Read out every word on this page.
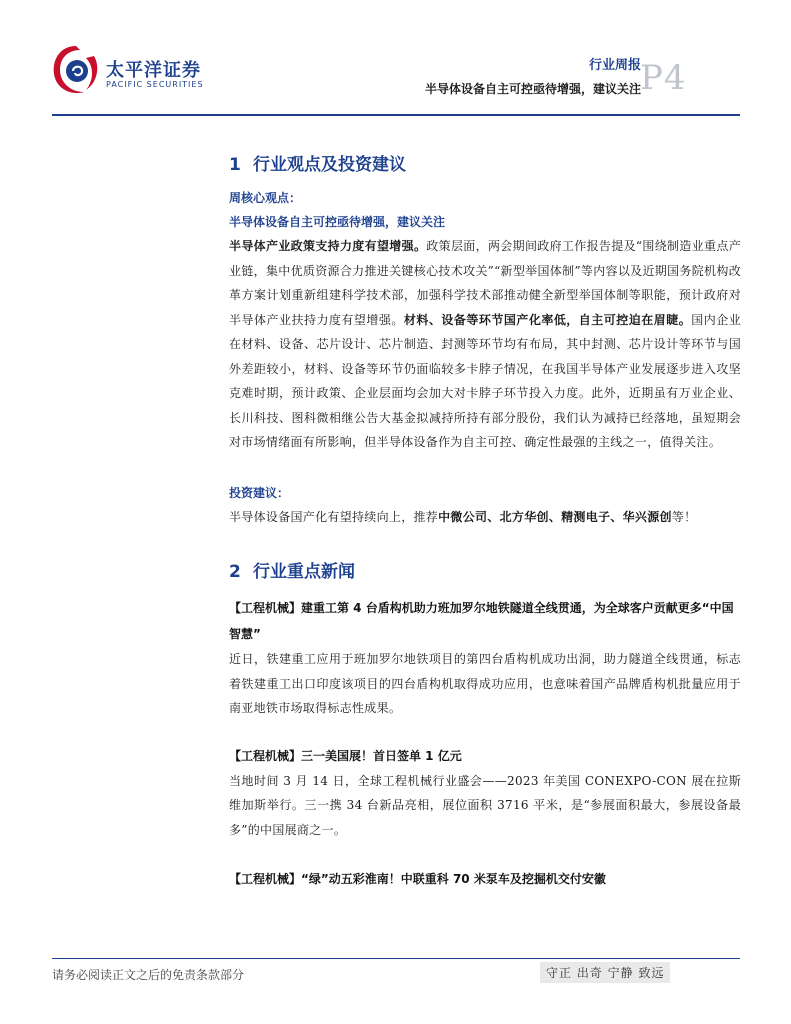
太平洋证券
PACIFIC SECURITIES
行业周报
半导体设备自主可控亟待增强，建议关注 P4
1 行业观点及投资建议

周核心观点：

半导体设备自主可控亟待增强，建议关注

半导体产业政策支持力度有望增强。政策层面，两会期间政府工作报告提及“围绕制造业重点产业链，集中优质资源合力推进关键核心技术攻关”“新型举国体制”等内容以及近期国务院机构改革方案计划重新组建科学技术部，加强科学技术部推动健全新型举国体制等职能，预计政府对半导体产业扶持力度有望增强。材料、设备等环节国产化率低，自主可控迫在眉睫。国内企业在材料、设备、芯片设计、芯片制造、封测等环节均有布局，其中封测、芯片设计等环节与国外差距较小，材料、设备等环节仍面临较多卡脖子情况，在我国半导体产业发展逐步进入攻坚克难时期，预计政策、企业层面均会加大对卡脖子环节投入力度。此外，近期虽有万业企业、长川科技、图科微相继公告大基金拟减持所持有部分股份，我们认为减持已经落地，虽短期会对市场情绪面有所影响，但半导体设备作为自主可控、确定性最强的主线之一，值得关注。

投资建议：

半导体设备国产化有望持续向上，推荐中微公司、北方华创、精测电子、华兴源创等！

2 行业重点新闻

【工程机械】建重工第 4 台盾构机助力班加罗尔地铁隧道全线贯通，为全球客户贡献更多“中国智慧”

近日，铁建重工应用于班加罗尔地铁项目的第四台盾构机成功出洞，助力隧道全线贯通，标志着铁建重工出口印度该项目的四台盾构机取得成功应用，也意味着国产品牌盾构机批量应用于南亚地铁市场取得标志性成果。

【工程机械】三一美国展！首日签单 1 亿元

当地时间 3 月 14 日，全球工程机械行业盛会——2023 年美国 CONEXPO-CON 展在拉斯维加斯举行。三一携 34 台新品亮相，展位面积 3716 平米，是“参展面积最大，参展设备最多”的中国展商之一。

【工程机械】“绿”动五彩淮南！中联重科 70 米泵车及挖掘机交付安徽

请务必阅读正文之后的免责条款部分	守正 出奇 宁静 致远
